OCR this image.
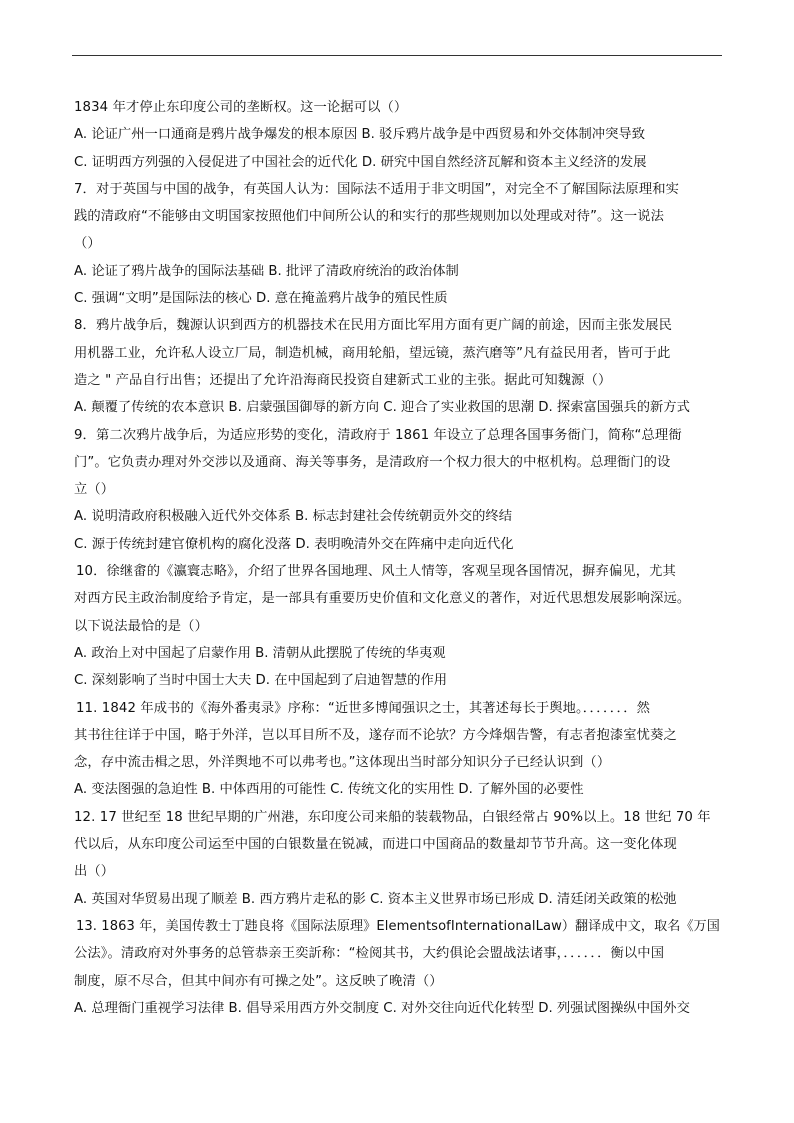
1834 年才停止东印度公司的垄断权。这一论据可以（）
A. 论证广州一口通商是鸦片战争爆发的根本原因 B. 驳斥鸦片战争是中西贸易和外交体制冲突导致
C. 证明西方列强的入侵促进了中国社会的近代化 D. 研究中国自然经济瓦解和资本主义经济的发展
7．对于英国与中国的战争，有英国人认为：国际法不适用于非文明国”，对完全不了解国际法原理和实
践的清政府“不能够由文明国家按照他们中间所公认的和实行的那些规则加以处理或对待”。这一说法
（）
A. 论证了鸦片战争的国际法基础 B. 批评了清政府统治的政治体制
C. 强调“文明”是国际法的核心 D. 意在掩盖鸦片战争的殖民性质
8．鸦片战争后，魏源认识到西方的机器技术在民用方面比军用方面有更广阔的前途，因而主张发展民
用机器工业，允许私人设立厂局，制造机械，商用轮船，望远镜，蒸汽磨等”凡有益民用者，皆可于此
造之 " 产品自行出售；还提出了允许沿海商民投资自建新式工业的主张。据此可知魏源（）
A. 颠覆了传统的农本意识 B. 启蒙强国御辱的新方向 C. 迎合了实业救国的思潮 D. 探索富国强兵的新方式
9．第二次鸦片战争后，为适应形势的变化，清政府于 1861 年设立了总理各国事务衙门，简称“总理衙
门”。它负责办理对外交涉以及通商、海关等事务，是清政府一个权力很大的中枢机构。总理衙门的设
立（）
A. 说明清政府积极融入近代外交体系 B. 标志封建社会传统朝贡外交的终结
C. 源于传统封建官僚机构的腐化没落 D. 表明晚清外交在阵痛中走向近代化
10．徐继畬的《瀛寰志略》，介绍了世界各国地理、风土人情等，客观呈现各国情况，摒弃偏见，尤其
对西方民主政治制度给予肯定，是一部具有重要历史价值和文化意义的著作，对近代思想发展影响深远。
以下说法最恰的是（）
A. 政治上对中国起了启蒙作用 B. 清朝从此摆脱了传统的华夷观
C. 深刻影响了当时中国士大夫 D. 在中国起到了启迪智慧的作用
11. 1842 年成书的《海外番夷录》序称：“近世多博闻强识之士，其著述每长于舆地。．．．．．．．然
其书往往详于中国，略于外洋，岂以耳目所不及，遂存而不论欤？方今烽烟告警，有志者抱漆室忧葵之
念，存中流击楫之思，外洋舆地不可以弗考也。”这体现出当时部分知识分子已经认识到（）
A. 变法图强的急迫性 B. 中体西用的可能性 C. 传统文化的实用性 D. 了解外国的必要性
12. 17 世纪至 18 世纪早期的广州港，东印度公司来船的装载物品，白银经常占 90%以上。18 世纪 70 年
代以后，从东印度公司运至中国的白银数量在锐减，而进口中国商品的数量却节节升高。这一变化体现
出（）
A. 英国对华贸易出现了顺差 B. 西方鸦片走私的影 C. 资本主义世界市场已形成 D. 清廷闭关政策的松弛
13. 1863 年，美国传教士丁韪良将《国际法原理》ElementsofInternationalLaw）翻译成中文，取名《万国
公法》。清政府对外事务的总管恭亲王奕訢称：“检阅其书，大约俱论会盟战法诸事，．．．．．．衡以中国
制度，原不尽合，但其中间亦有可操之处”。这反映了晚清（）
A. 总理衙门重视学习法律 B. 倡导采用西方外交制度 C. 对外交往向近代化转型 D. 列强试图操纵中国外交
